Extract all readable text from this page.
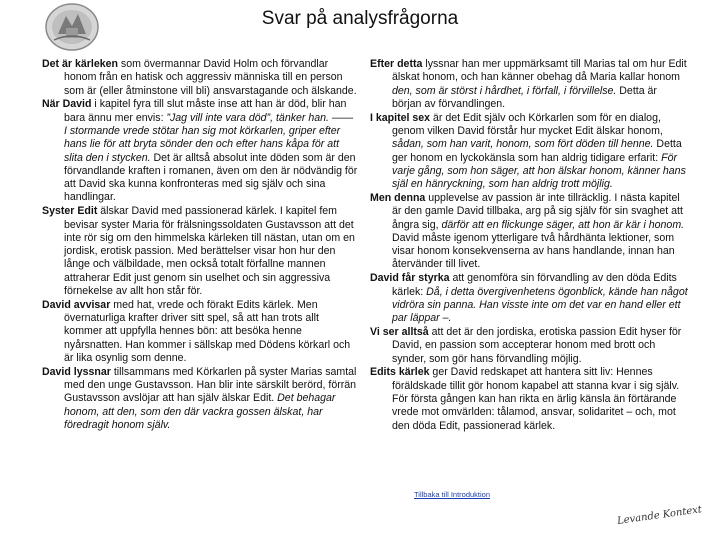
Svar på analysfrågorna

Det är kärleken som övermannar David Holm och förvandlar honom från en hatisk och aggressiv människa till en person som är (eller åtminstone vill bli) ansvarstagande och älskande.

När David i kapitel fyra till slut måste inse att han är död, blir han bara ännu mer envis: ”Jag vill inte vara död”, tänker han. —— I stormande vrede stötar han sig mot körkarlen, griper efter hans lie för att bryta sönder den och efter hans kåpa för att slita den i stycken. Det är alltså absolut inte döden som är den förvandlande kraften i romanen, även om den är nödvändig för att David ska kunna konfronteras med sig själv och sina handlingar.

Syster Edit älskar David med passionerad kärlek. I kapitel fem bevisar syster Maria för frälsningssoldaten Gustavsson att det inte rör sig om den himmelska kärleken till nästan, utan om en jordisk, erotisk passion. Med berättelser visar hon hur den långe och välbildade, men också totalt förfallne mannen attraherar Edit just genom sin uselhet och sin aggressiva förnekelse av allt hon står för.

David avvisar med hat, vrede och förakt Edits kärlek. Men övernaturliga krafter driver sitt spel, så att han trots allt kommer att uppfylla hennes bön: att besöka henne nyårsnatten. Han kommer i sällskap med Dödens körkarl och är lika osynlig som denne.

David lyssnar tillsammans med Körkarlen på syster Marias samtal med den unge Gustavsson. Han blir inte särskilt berörd, förrän Gustavsson avslöjar att han själv älskar Edit. Det behagar honom, att den, som den där vackra gossen älskat, har föredragit honom själv.

Efter detta lyssnar han mer uppmärksamt till Marias tal om hur Edit älskat honom, och han känner obehag då Maria kallar honom den, som är störst i hårdhet, i förfall, i förvillelse. Detta är början av förvandlingen.

I kapitel sex är det Edit själv och Körkarlen som för en dialog, genom vilken David förstår hur mycket Edit älskar honom, sådan, som han varit, honom, som fört döden till henne. Detta ger honom en lyckokänsla som han aldrig tidigare erfarit: För varje gång, som hon säger, att hon älskar honom, känner hans själ en hänryckning, som han aldrig trott möjlig.

Men denna upplevelse av passion är inte tillräcklig. I nästa kapitel är den gamle David tillbaka, arg på sig själv för sin svaghet att ångra sig, därför att en flickunge säger, att hon är kär i honom. David måste igenom ytterligare två hårdhänta lektioner, som visar honom konsekvenserna av hans handlande, innan han återvänder till livet.

David får styrka att genomföra sin förvandling av den döda Edits kärlek: Då, i detta övergivenhetens ögonblick, kände han något vidröra sin panna. Han visste inte om det var en hand eller ett par läppar –.

Vi ser alltså att det är den jordiska, erotiska passion Edit hyser för David, en passion som accepterar honom med brott och synder, som gör hans förvandling möjlig.

Edits kärlek ger David redskapet att hantera sitt liv: Hennes föräldskade tillit gör honom kapabel att stanna kvar i sig själv. För första gången kan han rikta en ärlig känsla än förtärande vrede mot omvärlden: tålamod, ansvar, solidaritet – och, mot den döda Edit, passionerad kärlek.

Tillbaka till Introduktion
Levande Kontext
